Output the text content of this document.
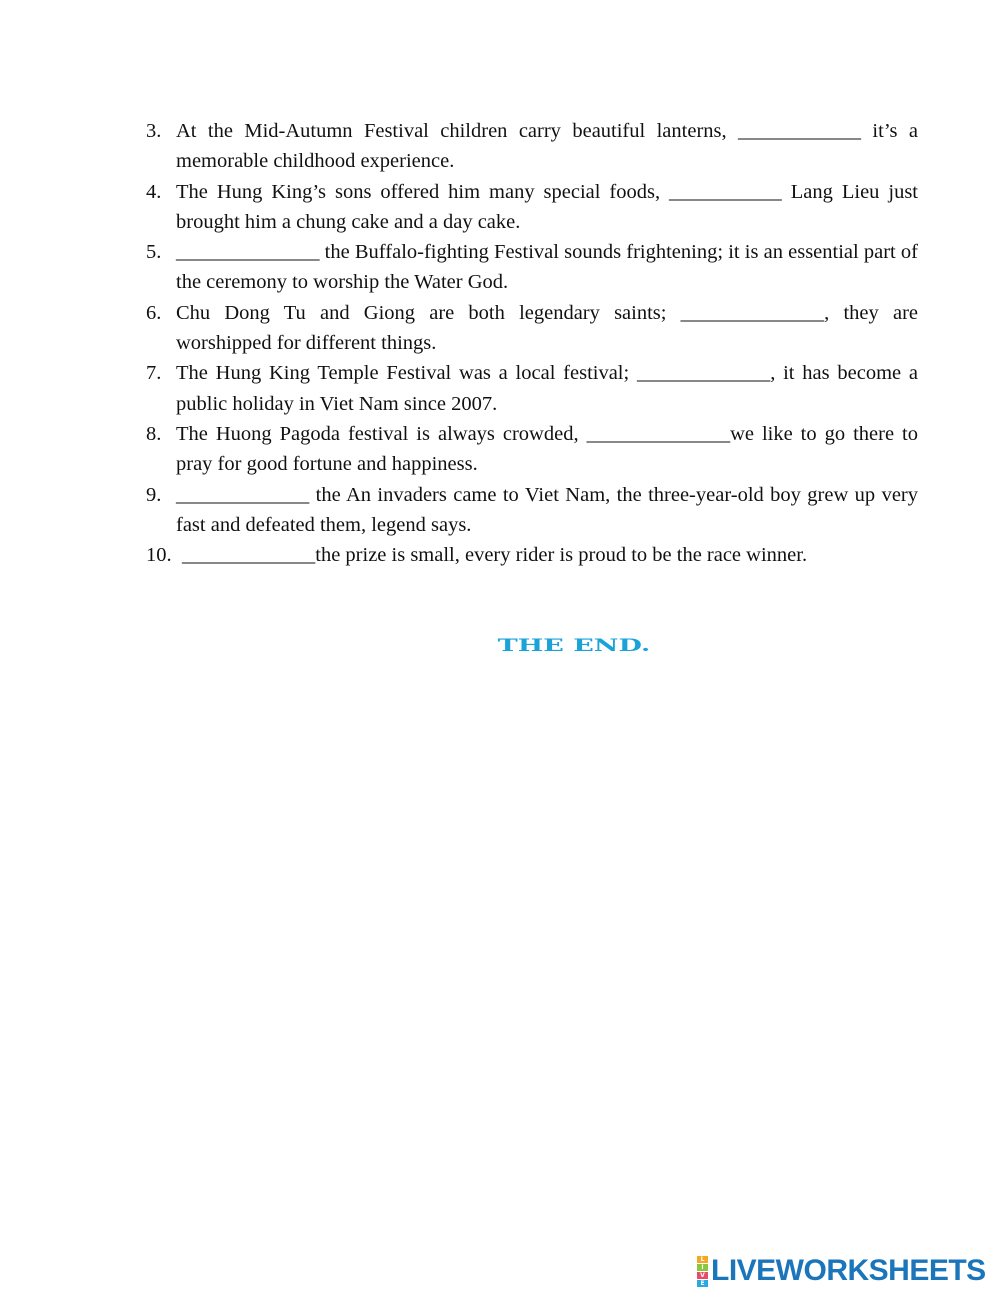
3. At the Mid-Autumn Festival children carry beautiful lanterns, ____________ it’s a memorable childhood experience.
4. The Hung King’s sons offered him many special foods, ___________ Lang Lieu just brought him a chung cake and a day cake.
5. ______________ the Buffalo-fighting Festival sounds frightening; it is an essential part of the ceremony to worship the Water God.
6. Chu Dong Tu and Giong are both legendary saints; ______________, they are worshipped for different things.
7. The Hung King Temple Festival was a local festival; _____________, it has become a public holiday in Viet Nam since 2007.
8. The Huong Pagoda festival is always crowded, ______________we like to go there to pray for good fortune and happiness.
9. _____________ the An invaders came to Viet Nam, the three-year-old boy grew up very fast and defeated them, legend says.
10. _____________the prize is small, every rider is proud to be the race winner.
THE END.
L
I
V
E LIVEWORKSHEETS
